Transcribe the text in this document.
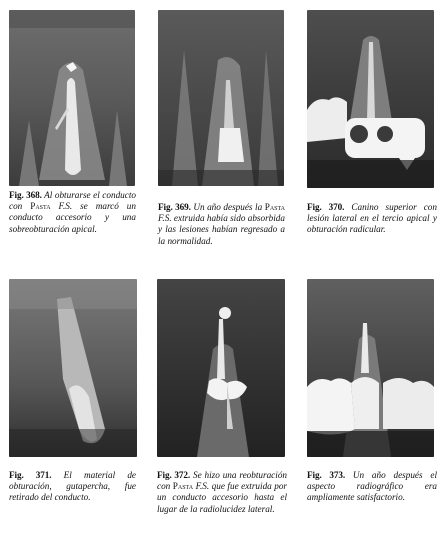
Fig. 368. Al obturarse el conducto con Pasta F.S. se marcó un conducto accesorio y una sobreobturación apical.
Fig. 369. Un año después la Pasta F.S. extruida había sido absorbida y las lesiones habían regresado a la normalidad.
Fig. 370. Canino superior con lesión lateral en el tercio apical y obturación radicular.
Fig. 371. El material de obturación, gutapercha, fue retirado del conducto.
Fig. 372. Se hizo una reobturación con Pasta F.S. que fue extruida por un conducto accesorio hasta el lugar de la radiolucidez lateral.
Fig. 373. Un año después el aspecto radiográfico era ampliamente satisfactorio.
